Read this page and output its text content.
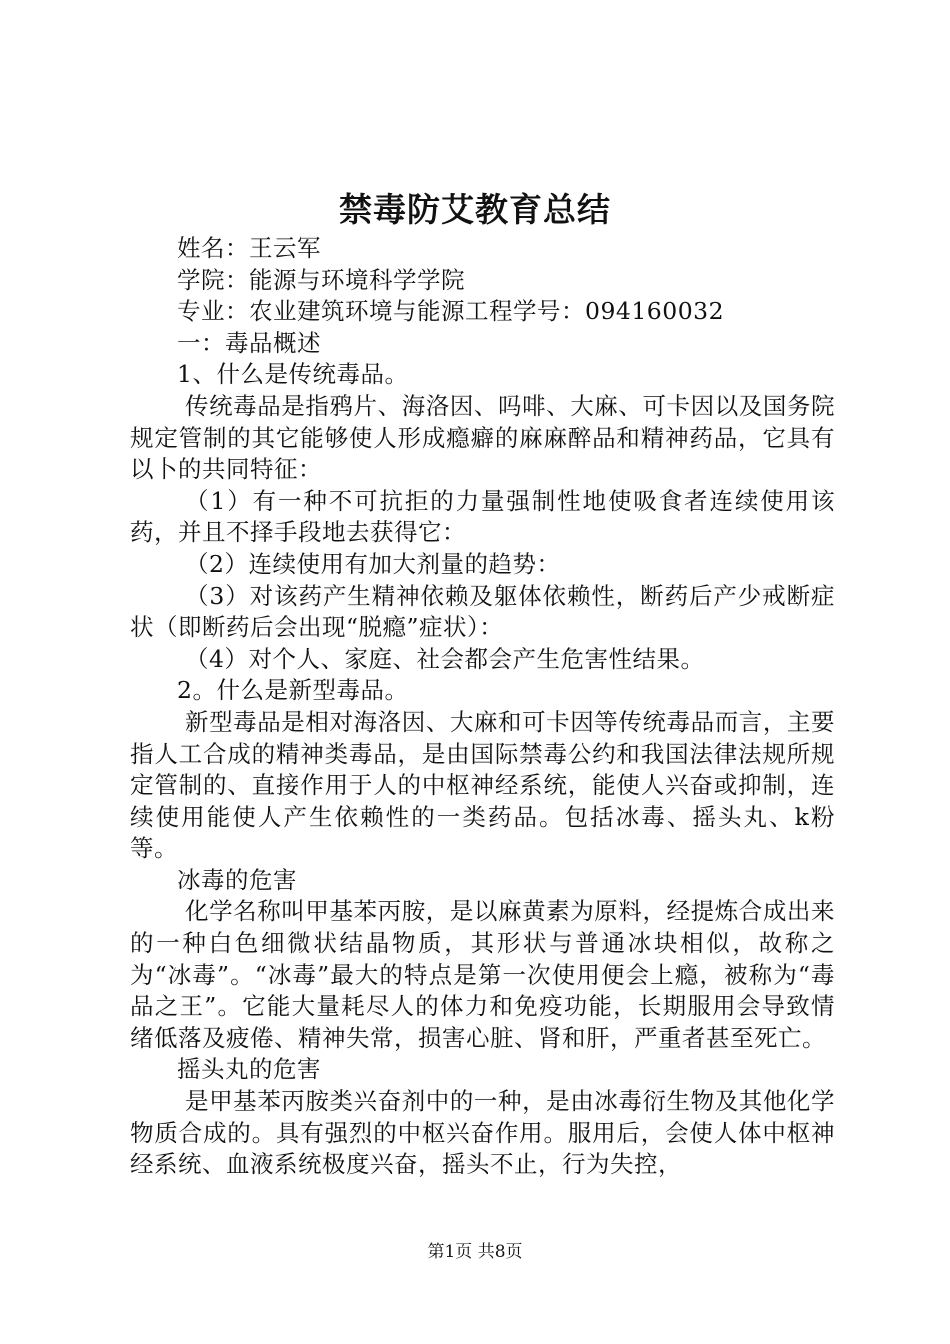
禁毒防艾教育总结

姓名：王云军

学院：能源与环境科学学院

专业：农业建筑环境与能源工程学号：094160032

一：毒品概述

1、什么是传统毒品。

传统毒品是指鸦片、海洛因、吗啡、大麻、可卡因以及国务院规定管制的其它能够使人形成瘾癖的麻麻醉品和精神药品，它具有以卜的共同特征：

（1）有一种不可抗拒的力量强制性地使吸食者连续使用该药，并且不择手段地去获得它：

（2）连续使用有加大剂量的趋势：

（3）对该药产生精神依赖及躯体依赖性，断药后产少戒断症状（即断药后会出现“脱瘾”症状）：

（4）对个人、家庭、社会都会产生危害性结果。

2。什么是新型毒品。

新型毒品是相对海洛因、大麻和可卡因等传统毒品而言，主要指人工合成的精神类毒品，是由国际禁毒公约和我国法律法规所规定管制的、直接作用于人的中枢神经系统，能使人兴奋或抑制，连续使用能使人产生依赖性的一类药品。包括冰毒、摇头丸、k粉等。

冰毒的危害

化学名称叫甲基苯丙胺，是以麻黄素为原料，经提炼合成出来的一种白色细微状结晶物质，其形状与普通冰块相似，故称之为“冰毒”。“冰毒”最大的特点是第一次使用便会上瘾，被称为“毒品之王”。它能大量耗尽人的体力和免疫功能，长期服用会导致情绪低落及疲倦、精神失常，损害心脏、肾和肝，严重者甚至死亡。

摇头丸的危害

是甲基苯丙胺类兴奋剂中的一种，是由冰毒衍生物及其他化学物质合成的。具有强烈的中枢兴奋作用。服用后，会使人体中枢神经系统、血液系统极度兴奋，摇头不止，行为失控，

第1页 共8页
